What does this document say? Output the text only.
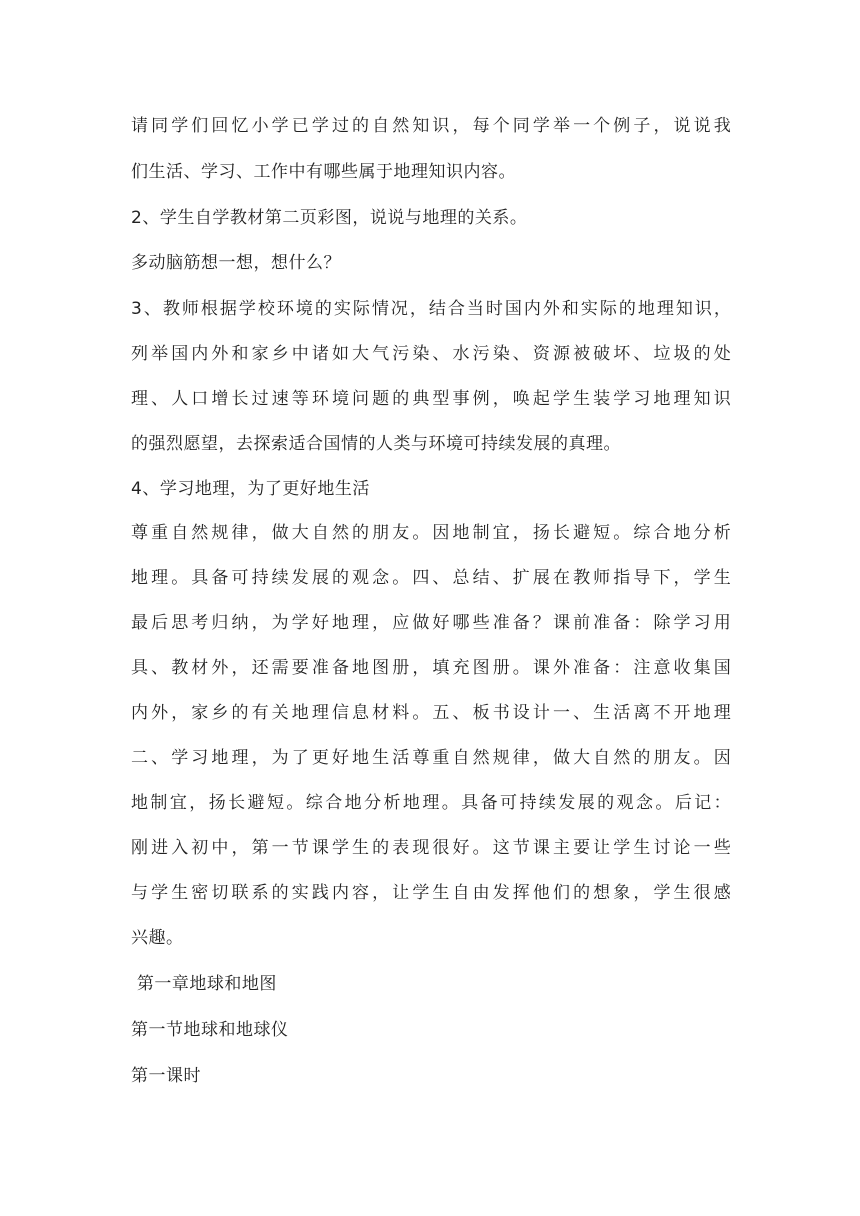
请 同 学 们 回 忆 小 学 已 学 过 的 自 然 知 识 ， 每 个 同 学 举 一 个 例 子 ， 说 说 我
们生活、学习、工作中有哪些属于地理知识内容。
2、学生自学教材第二页彩图，说说与地理的关系。
多动脑筋想一想，想什么？
3 、 教 师 根 据 学 校 环 境 的 实 际 情 况 ， 结 合 当 时 国 内 外 和 实 际 的 地 理 知 识 ，
列 举 国 内 外 和 家 乡 中 诸 如 大 气 污 染 、 水 污 染 、 资 源 被 破 坏 、 垃 圾 的 处
理 、 人 口 增 长 过 速 等 环 境 问 题 的 典 型 事 例 ， 唤 起 学 生 装 学 习 地 理 知 识
的强烈愿望，去探索适合国情的人类与环境可持续发展的真理。
4、学习地理，为了更好地生活
尊 重 自 然 规 律 ， 做 大 自 然 的 朋 友 。 因 地 制 宜 ， 扬 长 避 短 。 综 合 地 分 析
地 理 。 具 备 可 持 续 发 展 的 观 念 。 四 、 总 结 、 扩 展 在 教 师 指 导 下 ， 学 生
最 后 思 考 归 纳 ， 为 学 好 地 理 ， 应 做 好 哪 些 准 备 ？ 课 前 准 备 ： 除 学 习 用
具 、 教 材 外 ， 还 需 要 准 备 地 图 册 ， 填 充 图 册 。 课 外 准 备 ： 注 意 收 集 国
内 外 ， 家 乡 的 有 关 地 理 信 息 材 料 。 五 、 板 书 设 计 一 、 生 活 离 不 开 地 理
二 、 学 习 地 理 ， 为 了 更 好 地 生 活 尊 重 自 然 规 律 ， 做 大 自 然 的 朋 友 。 因
地 制 宜 ， 扬 长 避 短 。 综 合 地 分 析 地 理 。 具 备 可 持 续 发 展 的 观 念 。 后 记 ：
刚 进 入 初 中 ， 第 一 节 课 学 生 的 表 现 很 好 。 这 节 课 主 要 让 学 生 讨 论 一 些
与 学 生 密 切 联 系 的 实 践 内 容 ， 让 学 生 自 由 发 挥 他 们 的 想 象 ， 学 生 很 感
兴趣。
第一章地球和地图
第一节地球和地球仪
第一课时
